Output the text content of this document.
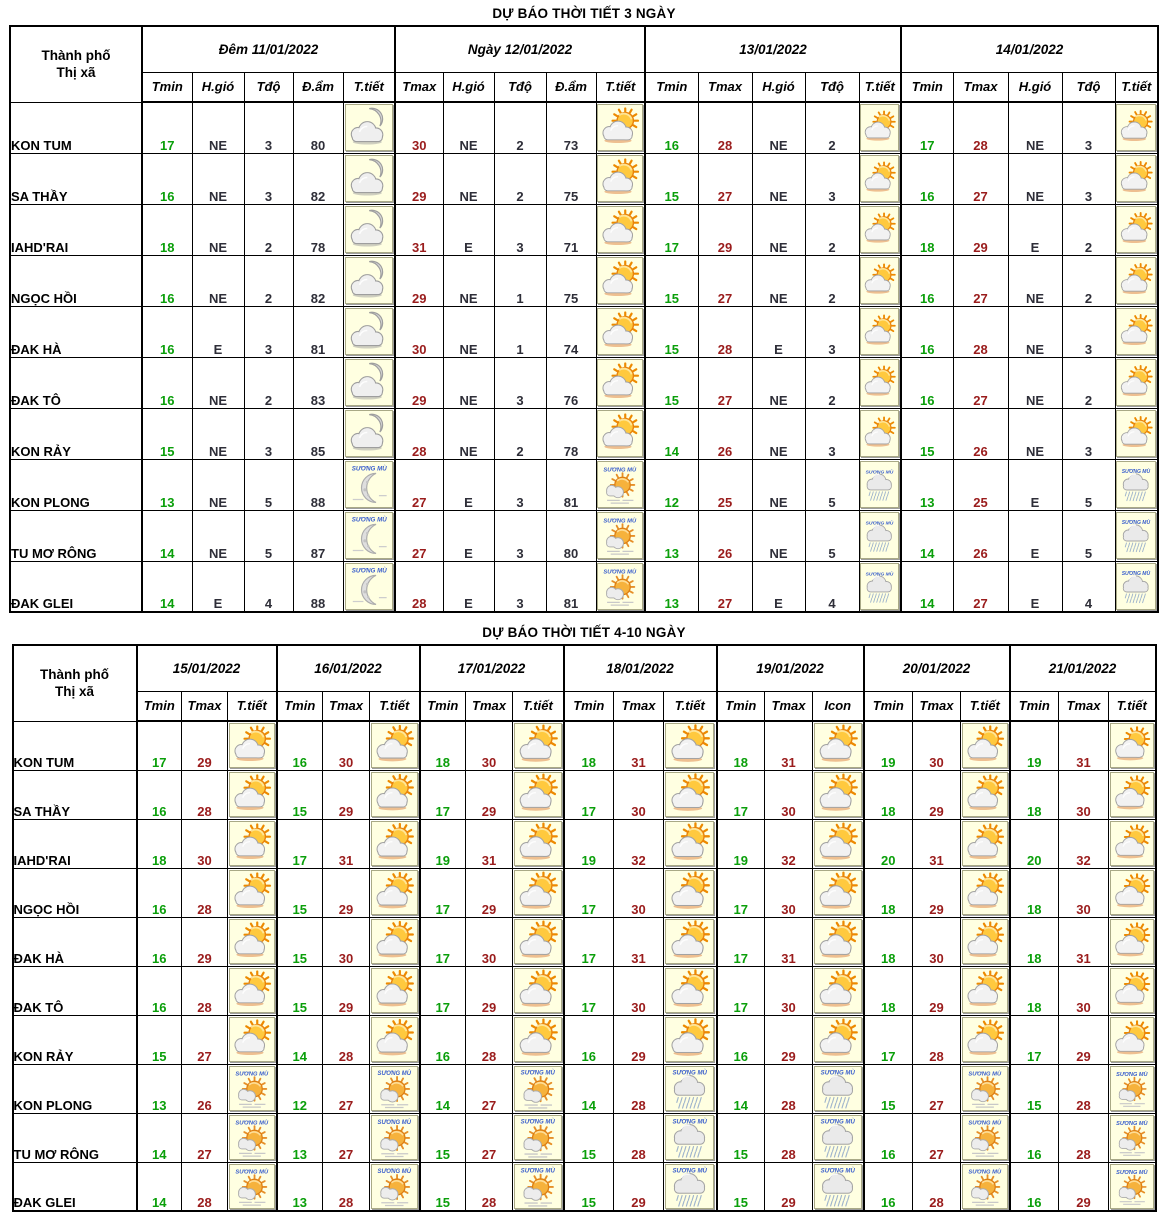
DỰ BÁO THỜI TIẾT 3 NGÀY
Thành phố
Thị xã	Đêm 11/01/2022					Ngày 12/01/2022					13/01/2022					14/01/2022				
	Tmin	H.gió	Tđộ	Đ.ẩm	T.tiết	Tmax	H.gió	Tđộ	Đ.ẩm	T.tiết	Tmin	Tmax	H.gió	Tđộ	T.tiết	Tmin	Tmax	H.gió	Tđộ	T.tiết
KON TUM	17	NE	3	80		30	NE	2	73		16	28	NE	2		17	28	NE	3	
SA THẦY	16	NE	3	82		29	NE	2	75		15	27	NE	3		16	27	NE	3	
IAHD'RAI	18	NE	2	78		31	E	3	71		17	29	NE	2		18	29	E	2	
NGỌC HỒI	16	NE	2	82		29	NE	1	75		15	27	NE	2		16	27	NE	2	
ĐAK HÀ	16	E	3	81		30	NE	1	74		15	28	E	3		16	28	NE	3	
ĐAK TÔ	16	NE	2	83		29	NE	3	76		15	27	NE	2		16	27	NE	2	
KON RẢY	15	NE	3	85		28	NE	2	78		14	26	NE	3		15	26	NE	3	
KON PLONG	13	NE	5	88		27	E	3	81		12	25	NE	5		13	25	E	5	
TU MƠ RÔNG	14	NE	5	87		27	E	3	80		13	26	NE	5		14	26	E	5	
ĐAK GLEI	14	E	4	88		28	E	3	81		13	27	E	4		14	27	E	4	
DỰ BÁO THỜI TIẾT 4-10 NGÀY
Thành phố
Thị xã	15/01/2022			16/01/2022			17/01/2022			18/01/2022			19/01/2022			20/01/2022			21/01/2022		
	Tmin	Tmax	T.tiết	Tmin	Tmax	T.tiết	Tmin	Tmax	T.tiết	Tmin	Tmax	T.tiết	Tmin	Tmax	Icon	Tmin	Tmax	T.tiết	Tmin	Tmax	T.tiết
KON TUM	17	29		16	30		18	30		18	31		18	31		19	30		19	31	
SA THẦY	16	28		15	29		17	29		17	30		17	30		18	29		18	30	
IAHD'RAI	18	30		17	31		19	31		19	32		19	32		20	31		20	32	
NGỌC HỒI	16	28		15	29		17	29		17	30		17	30		18	29		18	30	
ĐAK HÀ	16	29		15	30		17	30		17	31		17	31		18	30		18	31	
ĐAK TÔ	16	28		15	29		17	29		17	30		17	30		18	29		18	30	
KON RẢY	15	27		14	28		16	28		16	29		16	29		17	28		17	29	
KON PLONG	13	26		12	27		14	27		14	28		14	28		15	27		15	28	
TU MƠ RÔNG	14	27		13	27		15	27		15	28		15	28		16	27		16	28	
ĐAK GLEI	14	28		13	28		15	28		15	29		15	29		16	28		16	29	
